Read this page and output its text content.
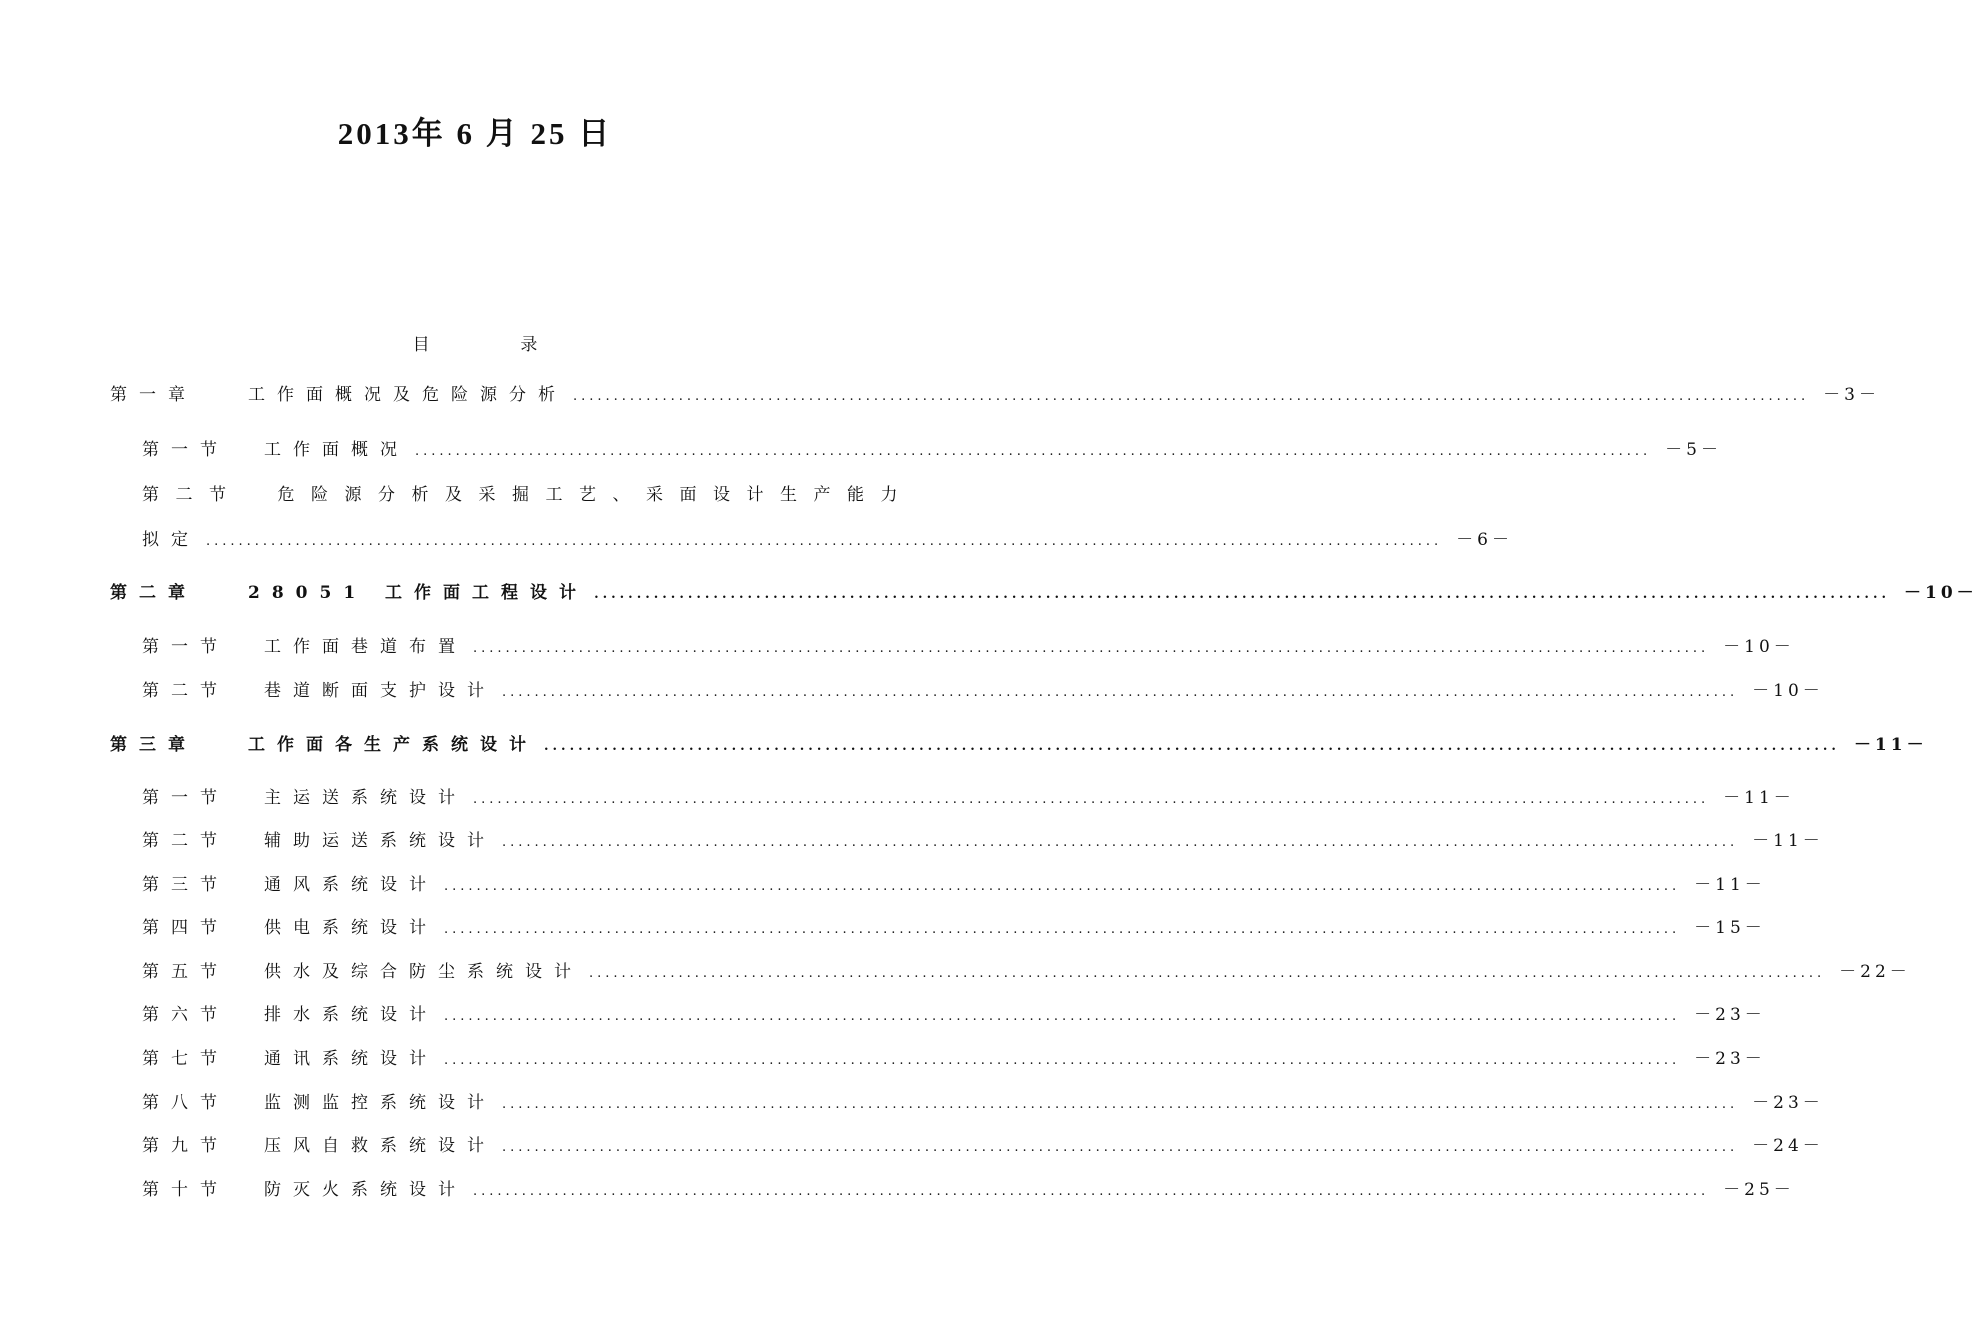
2013年 6 月 25 日
目	录
第一章	工作面概况及危险源分析 .....	－3－
第一节 工作面概况 .....	－5－
第二节 危险源分析及采掘工艺、采面设计生产能力
拟定 .....	－6－
第二章	28051 工作面工程设计 .....	－10－
第一节 工作面巷道布置 .....	－10－
第二节 巷道断面支护设计 .....	－10－
第三章	工作面各生产系统设计 .....	－11－
第一节 主运送系统设计 .....	－11－
第二节 辅助运送系统设计 .....	－11－
第三节 通风系统设计 .....	－11－
第四节 供电系统设计 .....	－15－
第五节 供水及综合防尘系统设计 .....	－22－
第六节 排水系统设计 .....	－23－
第七节 通讯系统设计 .....	－23－
第八节 监测监控系统设计 .....	－23－
第九节 压风自救系统设计 .....	－24－
第十节 防灭火系统设计 .....	－25－
